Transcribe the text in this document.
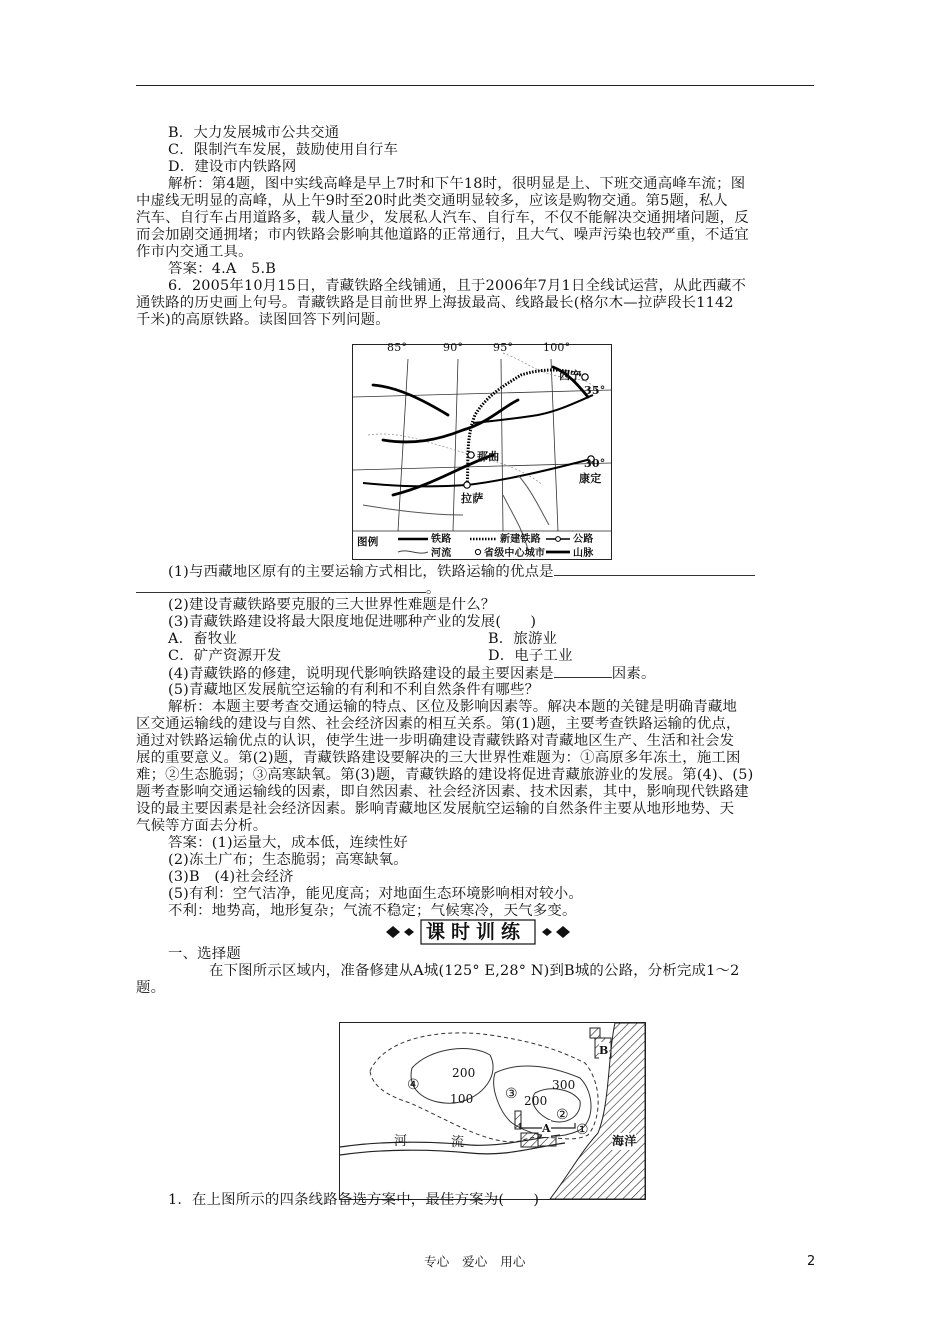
B．大力发展城市公共交通
C．限制汽车发展，鼓励使用自行车
D．建设市内铁路网
解析：第4题，图中实线高峰是早上7时和下午18时，很明显是上、下班交通高峰车流；图
中虚线无明显的高峰，从上午9时至20时此类交通明显较多，应该是购物交通。第5题，私人
汽车、自行车占用道路多，载人量少，发展私人汽车、自行车，不仅不能解决交通拥堵问题，反
而会加剧交通拥堵；市内铁路会影响其他道路的正常通行，且大气、噪声污染也较严重，不适宜
作市内交通工具。
答案：4.A　5.B
6．2005年10月15日，青藏铁路全线铺通，且于2006年7月1日全线试运营，从此西藏不
通铁路的历史画上句号。青藏铁路是目前世界上海拔最高、线路最长(格尔木—拉萨段长1142
千米)的高原铁路。读图回答下列问题。
85°	90°	95°	100°
35°
30°
西宁
那曲
拉萨
康定
图例	铁路	新建铁路	公路
河流	省级中心城市	山脉
(1)与西藏地区原有的主要运输方式相比，铁路运输的优点是
。
(2)建设青藏铁路要克服的三大世界性难题是什么？
(3)青藏铁路建设将最大限度地促进哪种产业的发展(　　)
A．畜牧业	B．旅游业
C．矿产资源开发	D．电子工业
(4)青藏铁路的修建，说明现代影响铁路建设的最主要因素是	因素。
(5)青藏地区发展航空运输的有利和不利自然条件有哪些？
解析：本题主要考查交通运输的特点、区位及影响因素等。解决本题的关键是明确青藏地
区交通运输线的建设与自然、社会经济因素的相互关系。第(1)题，主要考查铁路运输的优点，
通过对铁路运输优点的认识，使学生进一步明确建设青藏铁路对青藏地区生产、生活和社会发
展的重要意义。第(2)题，青藏铁路建设要解决的三大世界性难题为：①高原多年冻土，施工困
难；②生态脆弱；③高寒缺氧。第(3)题，青藏铁路的建设将促进青藏旅游业的发展。第(4)、(5)
题考查影响交通运输线的因素，即自然因素、社会经济因素、技术因素，其中，影响现代铁路建
设的最主要因素是社会经济因素。影响青藏地区发展航空运输的自然条件主要从地形地势、天
气候等方面去分析。
答案：(1)运量大，成本低，连续性好
(2)冻土广布；生态脆弱；高寒缺氧。
(3)B　(4)社会经济
(5)有利：空气洁净，能见度高；对地面生态环境影响相对较小。
不利：地势高，地形复杂；气流不稳定；气候寒冷，天气多变。
课时训练
一、选择题
在下图所示区域内，准备修建从A城(125° E,28° N)到B城的公路，分析完成1～2
题。
200
100	200
300
④
③
②
①
A
B
河	流	海洋
1．在上图所示的四条线路备选方案中，最佳方案为(　　)
专心　爱心　用心	2
